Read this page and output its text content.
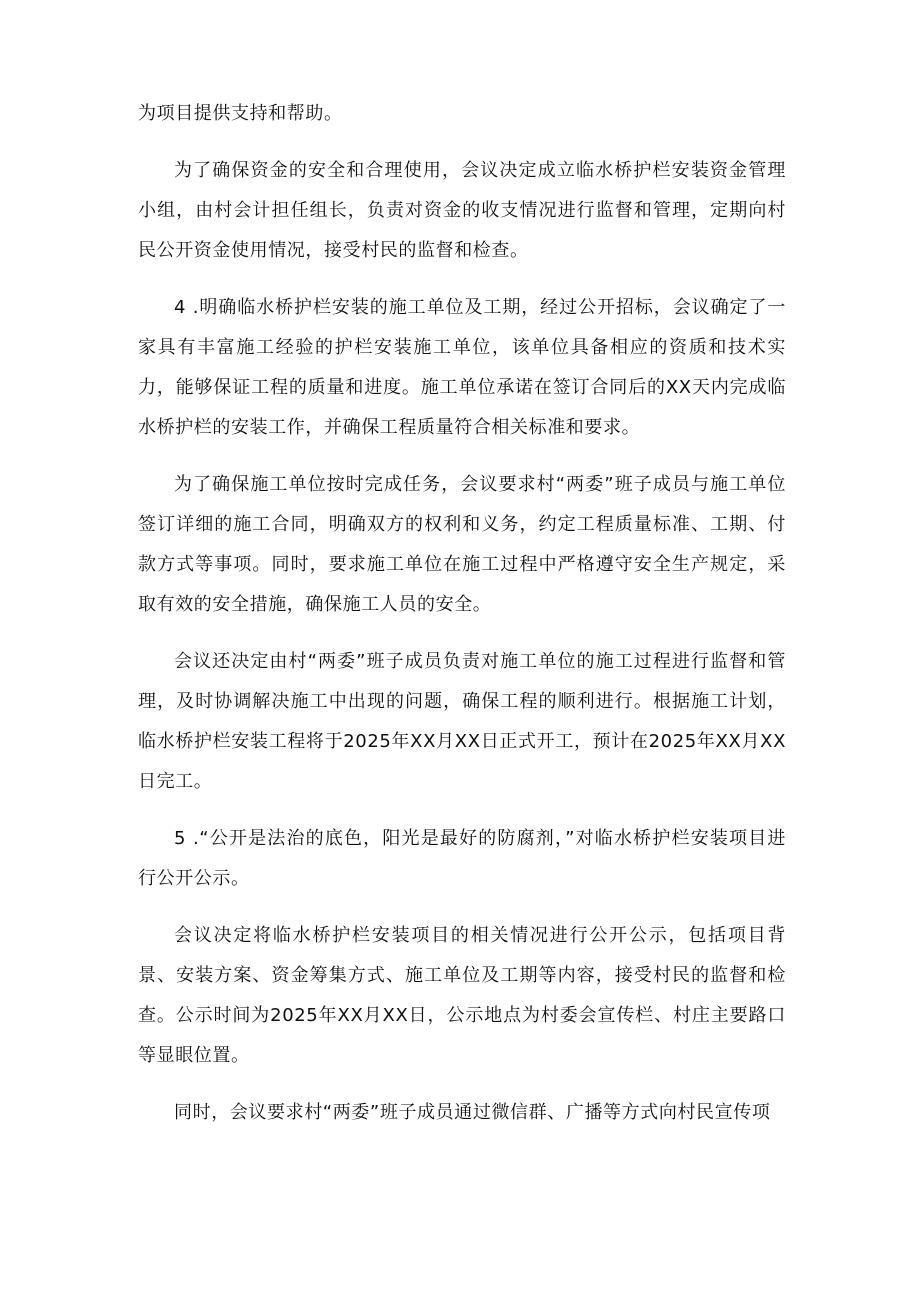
为项目提供支持和帮助。

为了确保资金的安全和合理使用，会议决定成立临水桥护栏安装资金管理小组，由村会计担任组长，负责对资金的收支情况进行监督和管理，定期向村民公开资金使用情况，接受村民的监督和检查。

4 .明确临水桥护栏安装的施工单位及工期，经过公开招标，会议确定了一家具有丰富施工经验的护栏安装施工单位，该单位具备相应的资质和技术实力，能够保证工程的质量和进度。施工单位承诺在签订合同后的XX天内完成临水桥护栏的安装工作，并确保工程质量符合相关标准和要求。

为了确保施工单位按时完成任务，会议要求村“两委”班子成员与施工单位签订详细的施工合同，明确双方的权利和义务，约定工程质量标准、工期、付款方式等事项。同时，要求施工单位在施工过程中严格遵守安全生产规定，采取有效的安全措施，确保施工人员的安全。

会议还决定由村“两委”班子成员负责对施工单位的施工过程进行监督和管理，及时协调解决施工中出现的问题，确保工程的顺利进行。根据施工计划，临水桥护栏安装工程将于2025年XX月XX日正式开工，预计在2025年XX月XX日完工。

5 .“公开是法治的底色，阳光是最好的防腐剂，”对临水桥护栏安装项目进行公开公示。

会议决定将临水桥护栏安装项目的相关情况进行公开公示，包括项目背景、安装方案、资金筹集方式、施工单位及工期等内容，接受村民的监督和检查。公示时间为2025年XX月XX日，公示地点为村委会宣传栏、村庄主要路口等显眼位置。

同时，会议要求村“两委”班子成员通过微信群、广播等方式向村民宣传项
